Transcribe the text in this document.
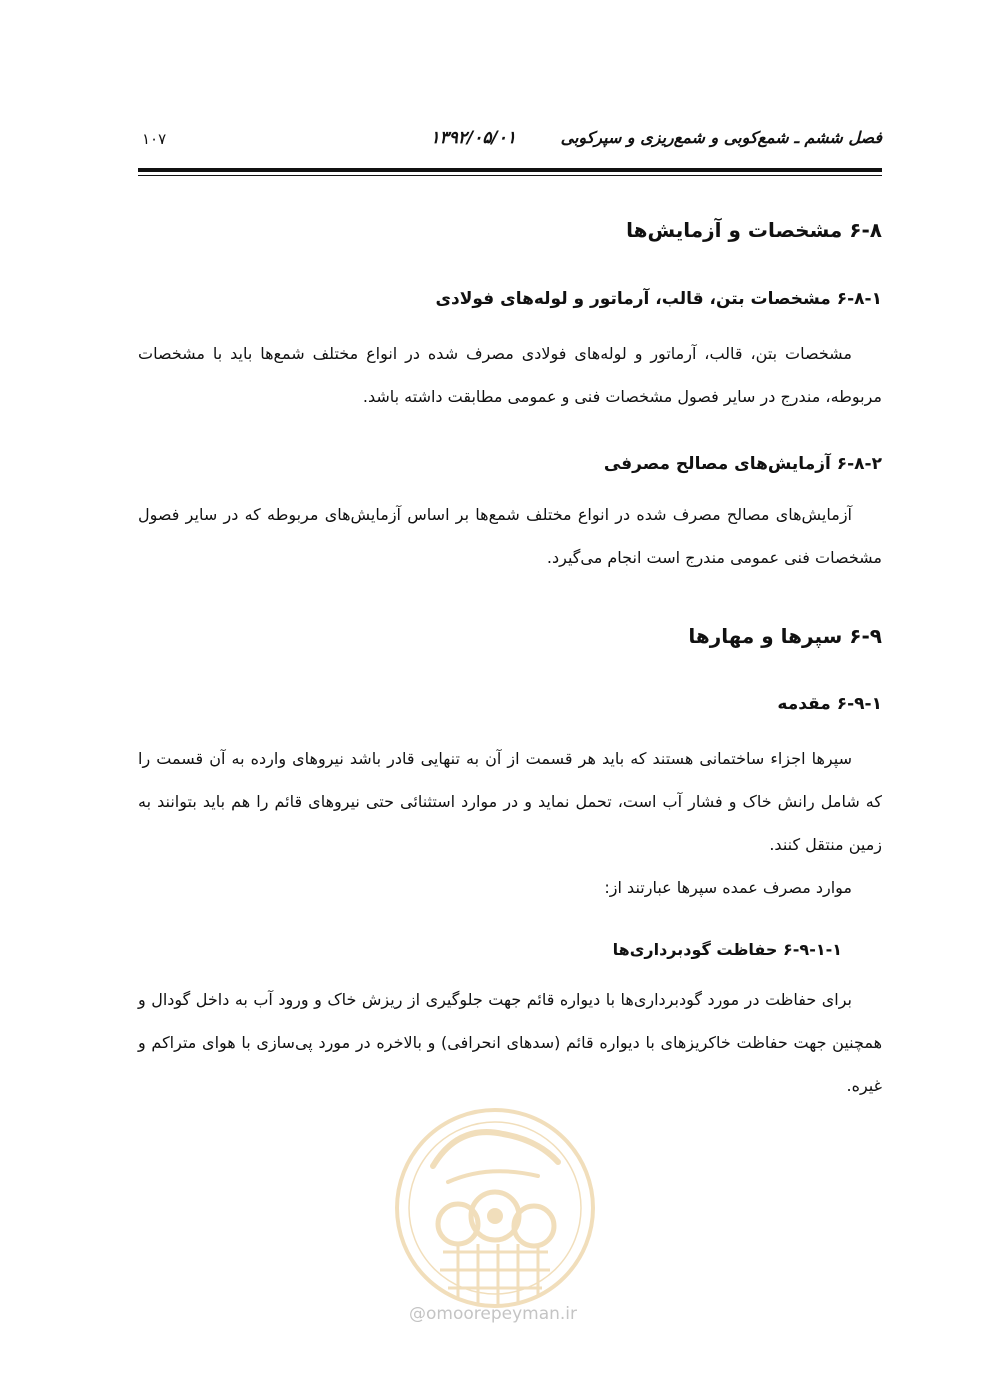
فصل ششم ـ شمع‌کوبی و شمع‌ریزی و سپرکوبی
۱۳۹۲/۰۵/۰۱
۱۰۷
۶-۸ مشخصات و آزمایش‌ها
۶-۸-۱ مشخصات بتن، قالب، آرماتور و لوله‌های فولادی

مشخصات بتن، قالب، آرماتور و لوله‌های فولادی مصرف شده در انواع مختلف شمع‌ها باید با مشخصات مربوطه، مندرج در سایر فصول مشخصات فنی و عمومی مطابقت داشته باشد.

۶-۸-۲ آزمایش‌های مصالح مصرفی

آزمایش‌های مصالح مصرف شده در انواع مختلف شمع‌ها بر اساس آزمایش‌های مربوطه که در سایر فصول مشخصات فنی عمومی مندرج است انجام می‌گیرد.

۶-۹ سپرها و مهارها
۶-۹-۱ مقدمه

سپرها اجزاء ساختمانی هستند که باید هر قسمت از آن به تنهایی قادر باشد نیروهای وارده به آن قسمت را که شامل رانش خاک و فشار آب است، تحمل نماید و در موارد استثنائی حتی نیروهای قائم را هم باید بتوانند به زمین منتقل کنند.

موارد مصرف عمده سپرها عبارتند از:

۶-۹-۱-۱ حفاظت گودبرداری‌ها

برای حفاظت در مورد گودبرداری‌ها با دیواره قائم جهت جلوگیری از ریزش خاک و ورود آب به داخل گودال و همچنین جهت حفاظت خاکریزهای با دیواره قائم (سدهای انحرافی) و بالاخره در مورد پی‌سازی با هوای متراکم و غیره.

@omoorepeyman.ir
